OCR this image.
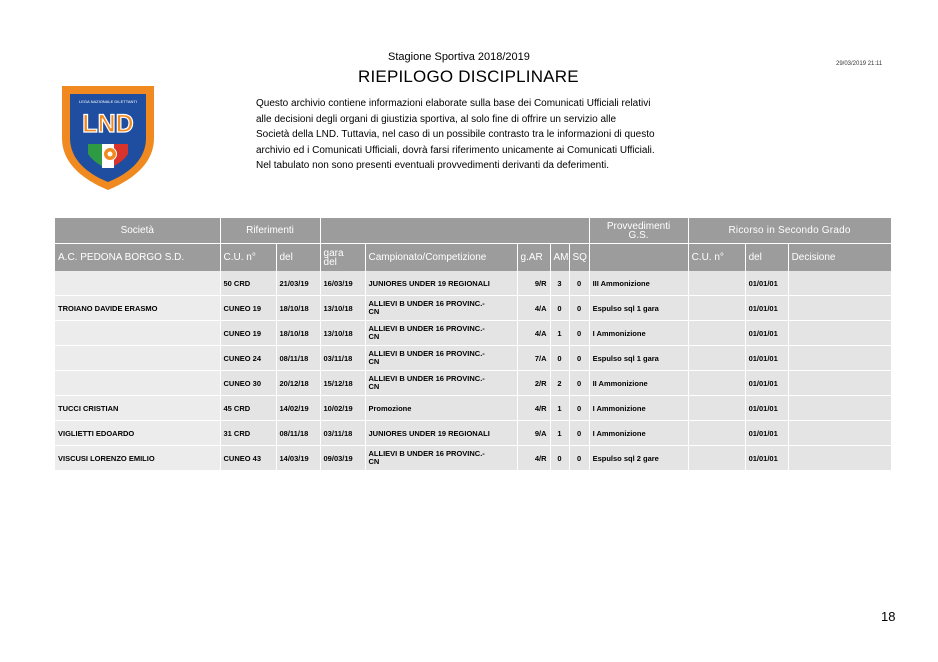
Stagione Sportiva 2018/2019
RIEPILOGO DISCIPLINARE
29/03/2019 21:11
LEGA NAZIONALE DILETTANTI
LND
Questo archivio contiene informazioni elaborate sulla base dei Comunicati Ufficiali relativi
alle decisioni degli organi di giustizia sportiva, al solo fine di offrire un servizio alle
Società della LND. Tuttavia, nel caso di un possibile contrasto tra le informazioni di questo
archivio ed i Comunicati Ufficiali, dovrà farsi riferimento unicamente ai Comunicati Ufficiali.
Nel tabulato non sono presenti eventuali provvedimenti derivanti da deferimenti.
Società	Riferimenti							Provvedimenti
G.S.	Ricorso in Secondo Grado		
A.C. PEDONA BORGO S.D.	C.U. n°	del	gara
del	Campionato/Competizione	g.AR	AM	SQ		C.U. n°	del	Decisione
	50 CRD	21/03/19	16/03/19	JUNIORES UNDER 19 REGIONALI	9/R	3	0	III Ammonizione		01/01/01	
TROIANO DAVIDE ERASMO	CUNEO 19	18/10/18	13/10/18	ALLIEVI B UNDER 16 PROVINC.-
CN	4/A	0	0	Espulso sql 1 gara		01/01/01	
	CUNEO 19	18/10/18	13/10/18	ALLIEVI B UNDER 16 PROVINC.-
CN	4/A	1	0	I Ammonizione		01/01/01	
	CUNEO 24	08/11/18	03/11/18	ALLIEVI B UNDER 16 PROVINC.-
CN	7/A	0	0	Espulso sql 1 gara		01/01/01	
	CUNEO 30	20/12/18	15/12/18	ALLIEVI B UNDER 16 PROVINC.-
CN	2/R	2	0	II Ammonizione		01/01/01	
TUCCI CRISTIAN	45 CRD	14/02/19	10/02/19	Promozione	4/R	1	0	I Ammonizione		01/01/01	
VIGLIETTI EDOARDO	31 CRD	08/11/18	03/11/18	JUNIORES UNDER 19 REGIONALI	9/A	1	0	I Ammonizione		01/01/01	
VISCUSI LORENZO EMILIO	CUNEO 43	14/03/19	09/03/19	ALLIEVI B UNDER 16 PROVINC.-
CN	4/R	0	0	Espulso sql 2 gare		01/01/01	
18
